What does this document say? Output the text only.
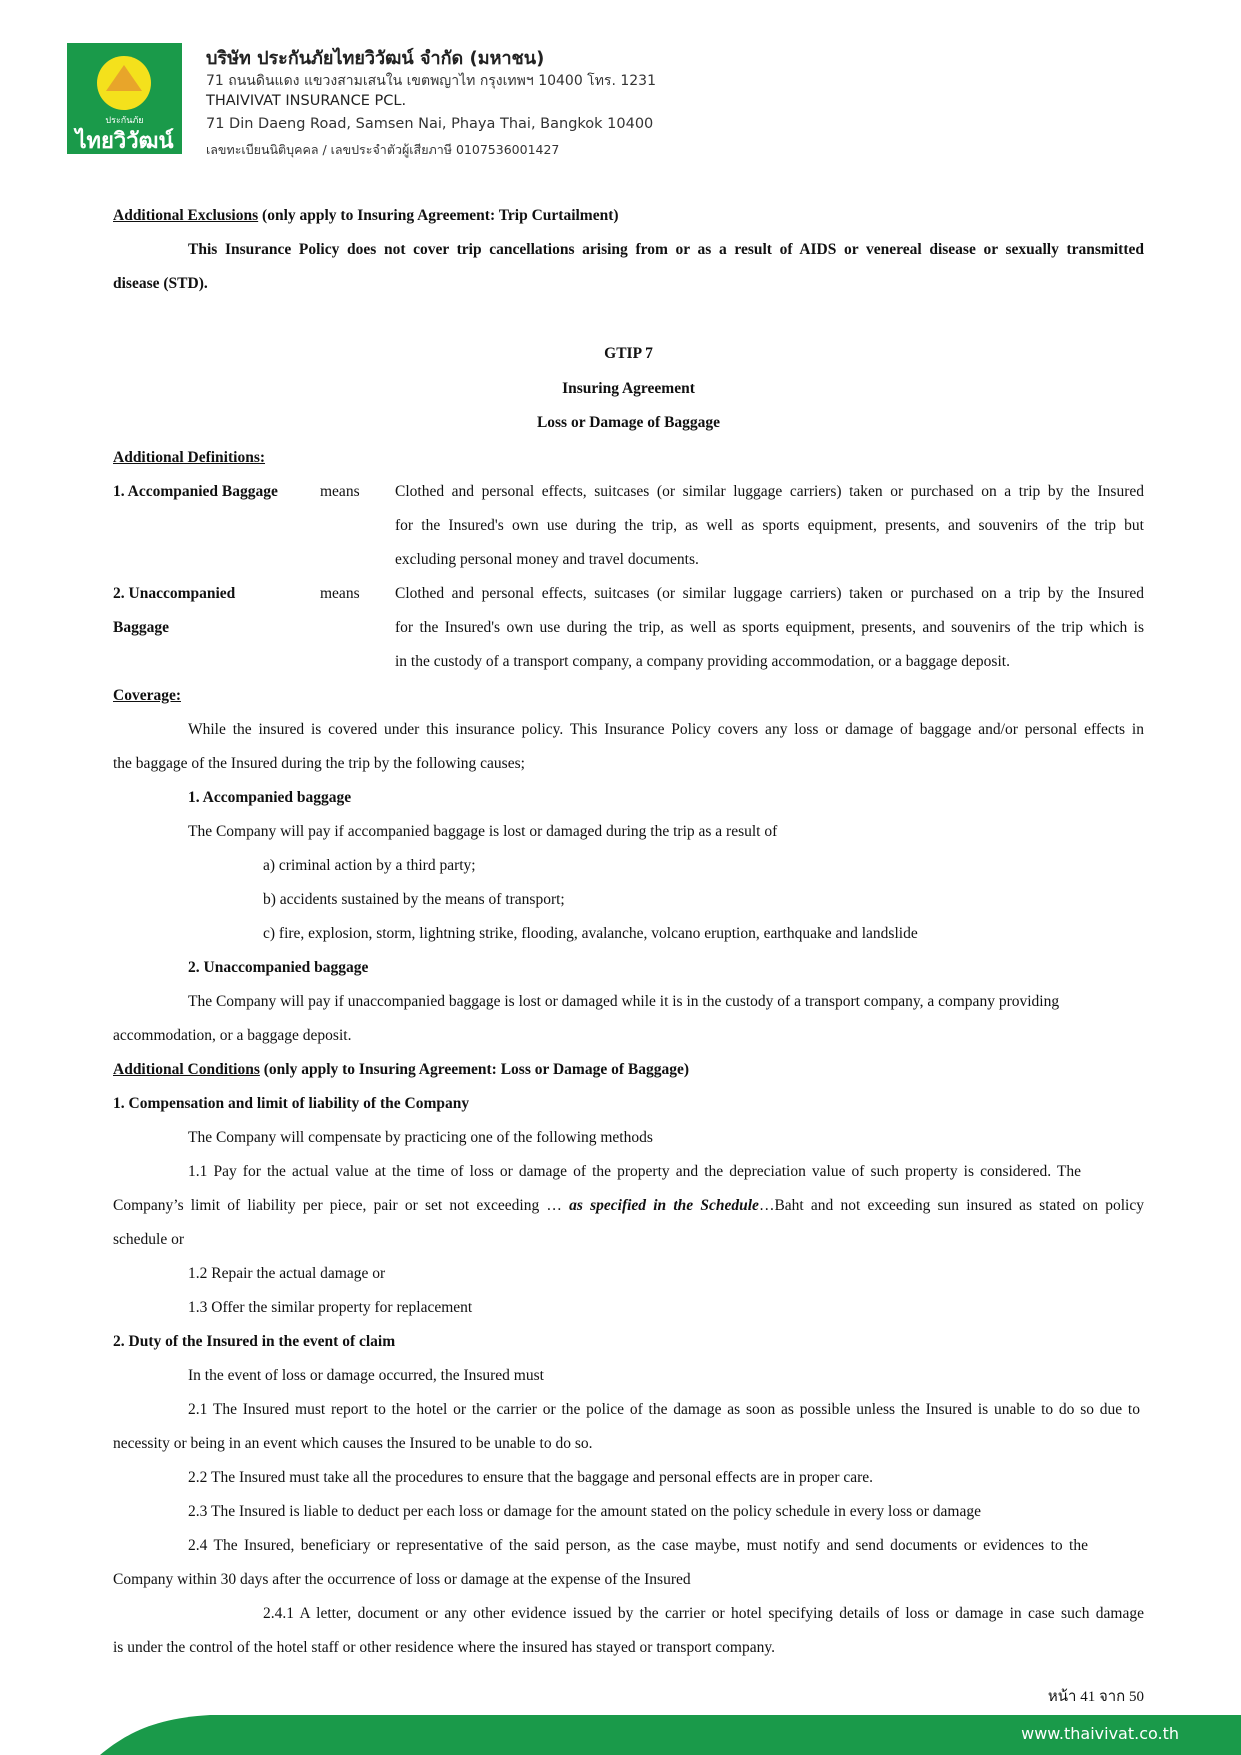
ประกันภัย
ไทยวิวัฒน์
บริษัท ประกันภัยไทยวิวัฒน์ จำกัด (มหาชน)
71 ถนนดินแดง แขวงสามเสนใน เขตพญาไท กรุงเทพฯ 10400 โทร. 1231
THAIVIVAT INSURANCE PCL.
71 Din Daeng Road, Samsen Nai, Phaya Thai, Bangkok 10400
เลขทะเบียนนิติบุคคล / เลขประจำตัวผู้เสียภาษี 0107536001427
Additional Exclusions (only apply to Insuring Agreement: Trip Curtailment)
This Insurance Policy does not cover trip cancellations arising from or as a result of AIDS or venereal disease or sexually transmitted
disease (STD).
GTIP 7
Insuring Agreement
Loss or Damage of Baggage
Additional Definitions:
1. Accompanied Baggage	means Clothed and personal effects, suitcases (or similar luggage carriers) taken or purchased on a trip by the Insured
for the Insured's own use during the trip, as well as sports equipment, presents, and souvenirs of the trip but
excluding personal money and travel documents.
2. Unaccompanied
Baggage
means Clothed and personal effects, suitcases (or similar luggage carriers) taken or purchased on a trip by the Insured
for the Insured's own use during the trip, as well as sports equipment, presents, and souvenirs of the trip which is
in the custody of a transport company, a company providing accommodation, or a baggage deposit.
Coverage:
While the insured is covered under this insurance policy. This Insurance Policy covers any loss or damage of baggage and/or personal effects in
the baggage of the Insured during the trip by the following causes;
1. Accompanied baggage
The Company will pay if accompanied baggage is lost or damaged during the trip as a result of
a) criminal action by a third party;
b) accidents sustained by the means of transport;
c) fire, explosion, storm, lightning strike, flooding, avalanche, volcano eruption, earthquake and landslide
2. Unaccompanied baggage
The Company will pay if unaccompanied baggage is lost or damaged while it is in the custody of a transport company, a company providing
accommodation, or a baggage deposit.
Additional Conditions (only apply to Insuring Agreement: Loss or Damage of Baggage)
1. Compensation and limit of liability of the Company
The Company will compensate by practicing one of the following methods
1.1 Pay for the actual value at the time of loss or damage of the property and the depreciation value of such property is considered. The
Company’s limit of liability per piece, pair or set not exceeding … as specified in the Schedule…Baht and not exceeding sun insured as stated on policy
schedule or
1.2 Repair the actual damage or
1.3 Offer the similar property for replacement
2. Duty of the Insured in the event of claim
In the event of loss or damage occurred, the Insured must
2.1 The Insured must report to the hotel or the carrier or the police of the damage as soon as possible unless the Insured is unable to do so due to
necessity or being in an event which causes the Insured to be unable to do so.
2.2 The Insured must take all the procedures to ensure that the baggage and personal effects are in proper care.
2.3 The Insured is liable to deduct per each loss or damage for the amount stated on the policy schedule in every loss or damage
2.4 The Insured, beneficiary or representative of the said person, as the case maybe, must notify and send documents or evidences to the
Company within 30 days after the occurrence of loss or damage at the expense of the Insured
2.4.1 A letter, document or any other evidence issued by the carrier or hotel specifying details of loss or damage in case such damage
is under the control of the hotel staff or other residence where the insured has stayed or transport company.
หน้า 41 จาก 50
www.thaivivat.co.th
